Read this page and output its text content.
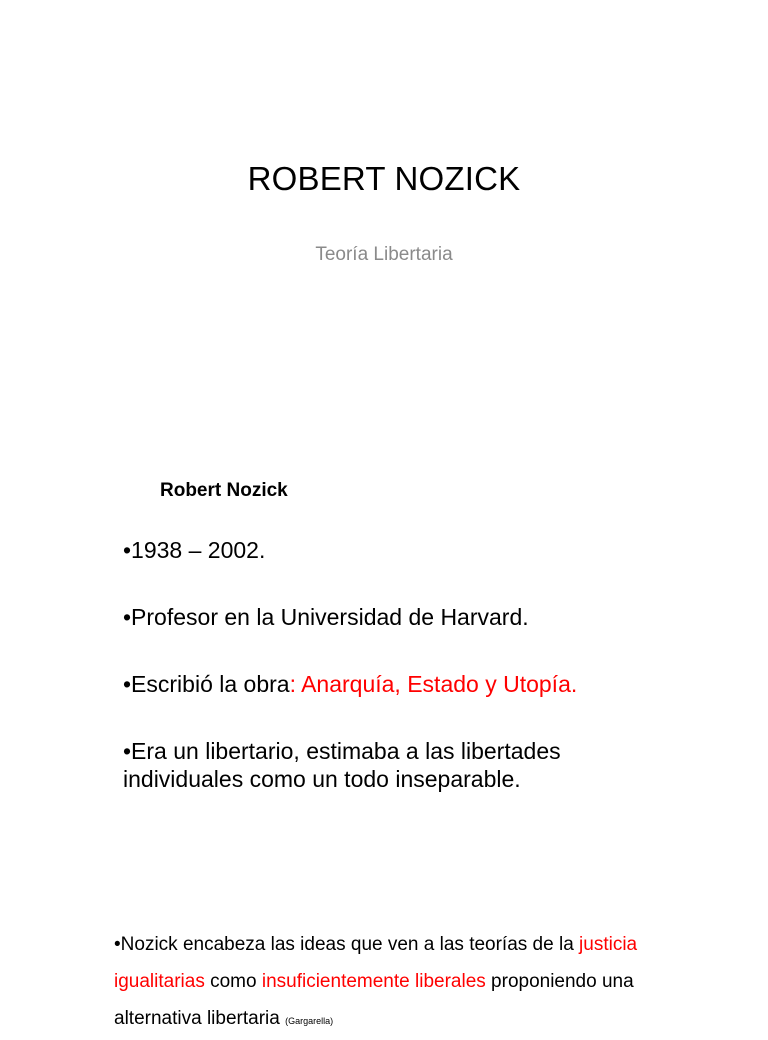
ROBERT NOZICK
Teoría Libertaria
Robert Nozick
•1938 – 2002.
•Profesor en la Universidad de Harvard.
•Escribió la obra: Anarquía, Estado y Utopía.
•Era un libertario, estimaba a las libertades
individuales como un todo inseparable.

•Nozick encabeza las ideas que ven a las teorías de la justicia igualitarias como insuficientemente liberales proponiendo una alternativa libertaria (Gargarella)
